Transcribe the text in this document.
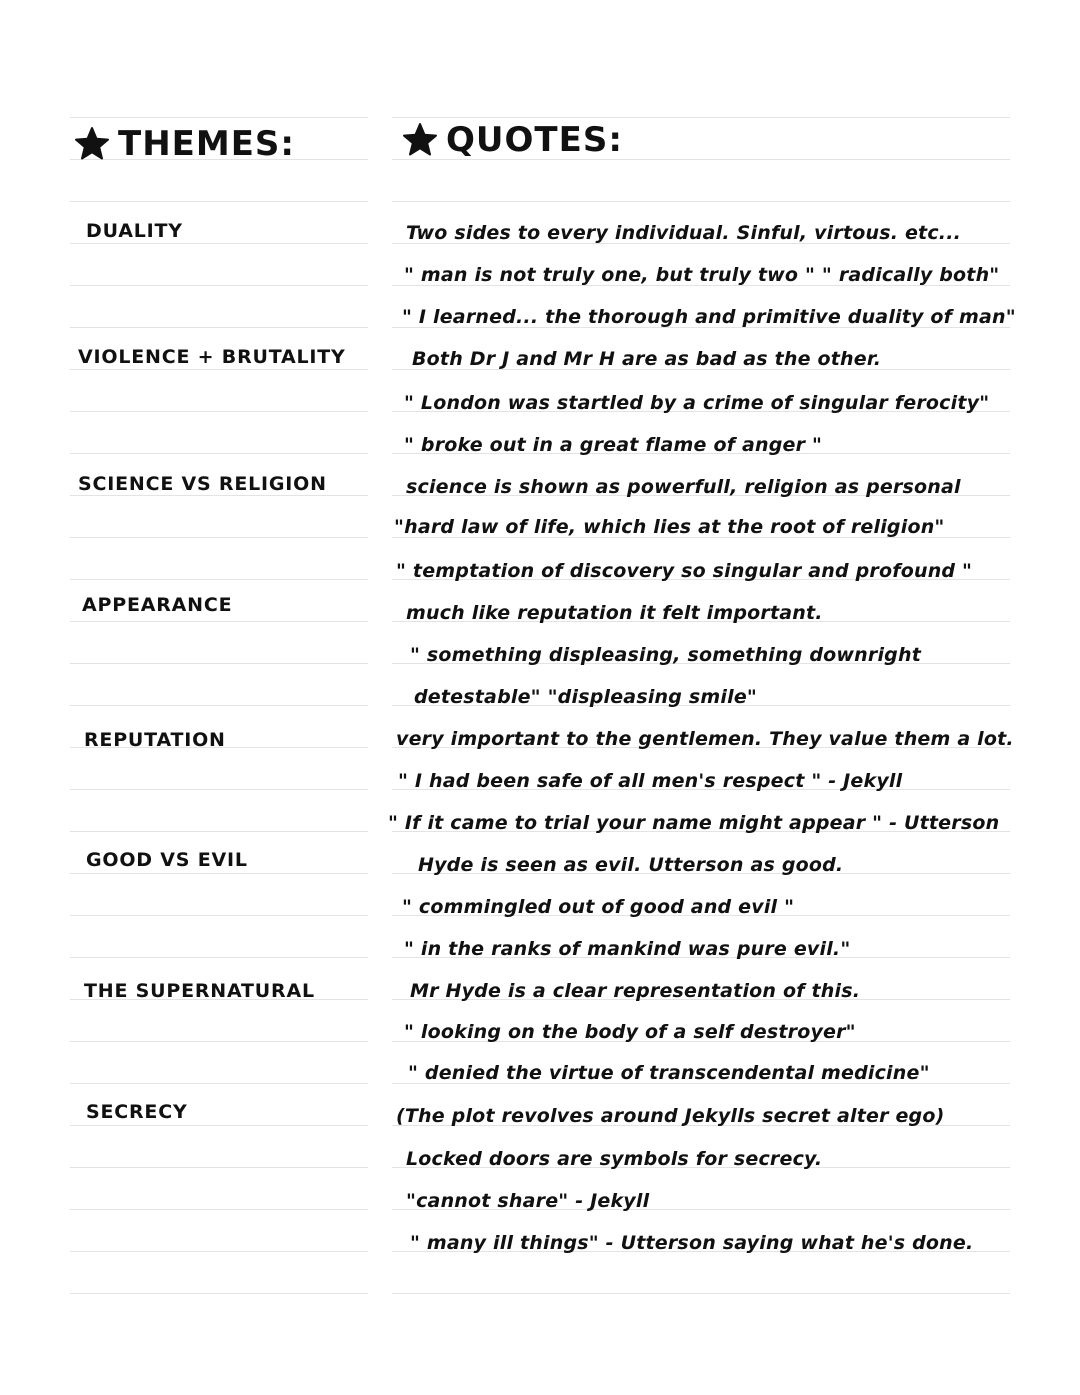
THEMES:
DUALITY
VIOLENCE + BRUTALITY
SCIENCE VS RELIGION
APPEARANCE
REPUTATION
GOOD VS EVIL
THE SUPERNATURAL
SECRECY
QUOTES:
Two sides to every individual. Sinful, virtous. etc...
" man is not truly one, but truly two " " radically both"
" I learned... the thorough and primitive duality of man"
Both Dr J and Mr H are as bad as the other.
" London was startled by a crime of singular ferocity"
" broke out in a great flame of anger "
science is shown as powerfull, religion as personal
"hard law of life, which lies at the root of religion"
" temptation of discovery so singular and profound "
much like reputation it felt important.
" something displeasing, something downright
detestable" "displeasing smile"
very important to the gentlemen. They value them a lot.
" I had been safe of all men's respect " - Jekyll
" If it came to trial your name might appear " - Utterson
Hyde is seen as evil. Utterson as good.
" commingled out of good and evil "
" in the ranks of mankind was pure evil."
Mr Hyde is a clear representation of this.
" looking on the body of a self destroyer"
" denied the virtue of transcendental medicine"
(The plot revolves around Jekylls secret alter ego)
Locked doors are symbols for secrecy.
"cannot share" - Jekyll
" many ill things" - Utterson saying what he's done.
